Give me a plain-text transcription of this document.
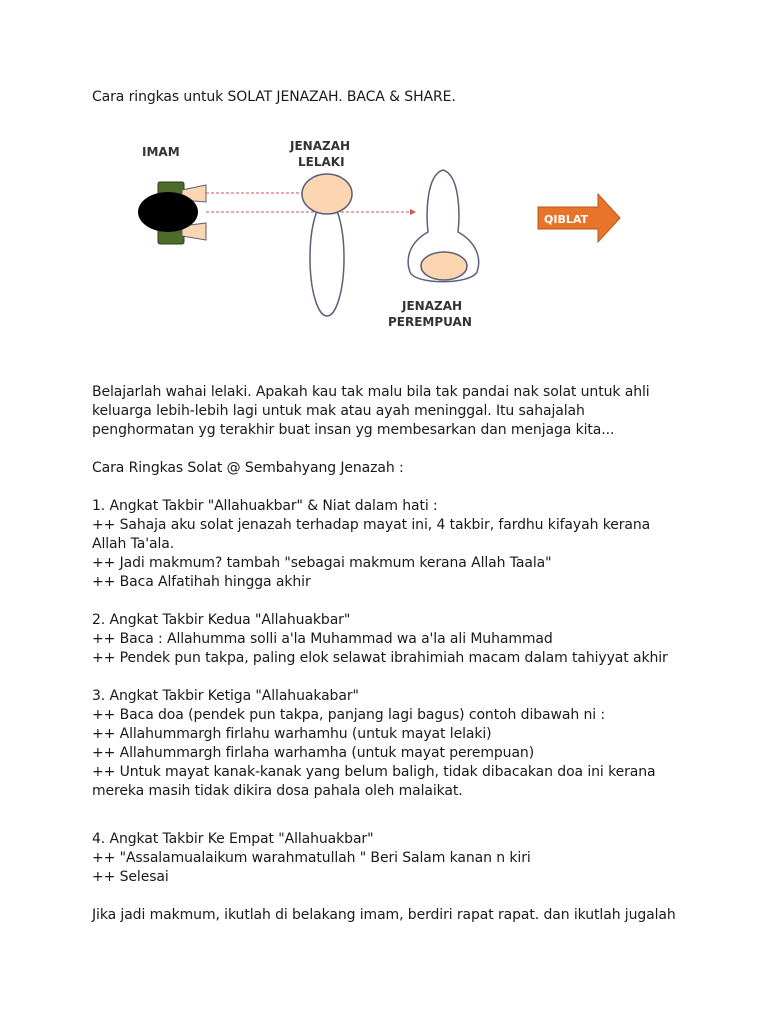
Cara ringkas untuk SOLAT JENAZAH. BACA & SHARE.
IMAM	JENAZAH
LELAKI
JENAZAH
PEREMPUAN
QIBLAT
Belajarlah wahai lelaki. Apakah kau tak malu bila tak pandai nak solat untuk ahli
keluarga lebih-lebih lagi untuk mak atau ayah meninggal. Itu sahajalah
penghormatan yg terakhir buat insan yg membesarkan dan menjaga kita...
Cara Ringkas Solat @ Sembahyang Jenazah :
1. Angkat Takbir "Allahuakbar" & Niat dalam hati :
++ Sahaja aku solat jenazah terhadap mayat ini, 4 takbir, fardhu kifayah kerana
Allah Ta'ala.
++ Jadi makmum? tambah "sebagai makmum kerana Allah Taala"
++ Baca Alfatihah hingga akhir
2. Angkat Takbir Kedua "Allahuakbar"
++ Baca : Allahumma solli a'la Muhammad wa a'la ali Muhammad
++ Pendek pun takpa, paling elok selawat ibrahimiah macam dalam tahiyyat akhir
3. Angkat Takbir Ketiga "Allahuakabar"
++ Baca doa (pendek pun takpa, panjang lagi bagus) contoh dibawah ni :
++ Allahummargh firlahu warhamhu (untuk mayat lelaki)
++ Allahummargh firlaha warhamha (untuk mayat perempuan)
++ Untuk mayat kanak-kanak yang belum baligh, tidak dibacakan doa ini kerana
mereka masih tidak dikira dosa pahala oleh malaikat.
4. Angkat Takbir Ke Empat "Allahuakbar"
++ "Assalamualaikum warahmatullah " Beri Salam kanan n kiri
++ Selesai
Jika jadi makmum, ikutlah di belakang imam, berdiri rapat rapat. dan ikutlah jugalah
